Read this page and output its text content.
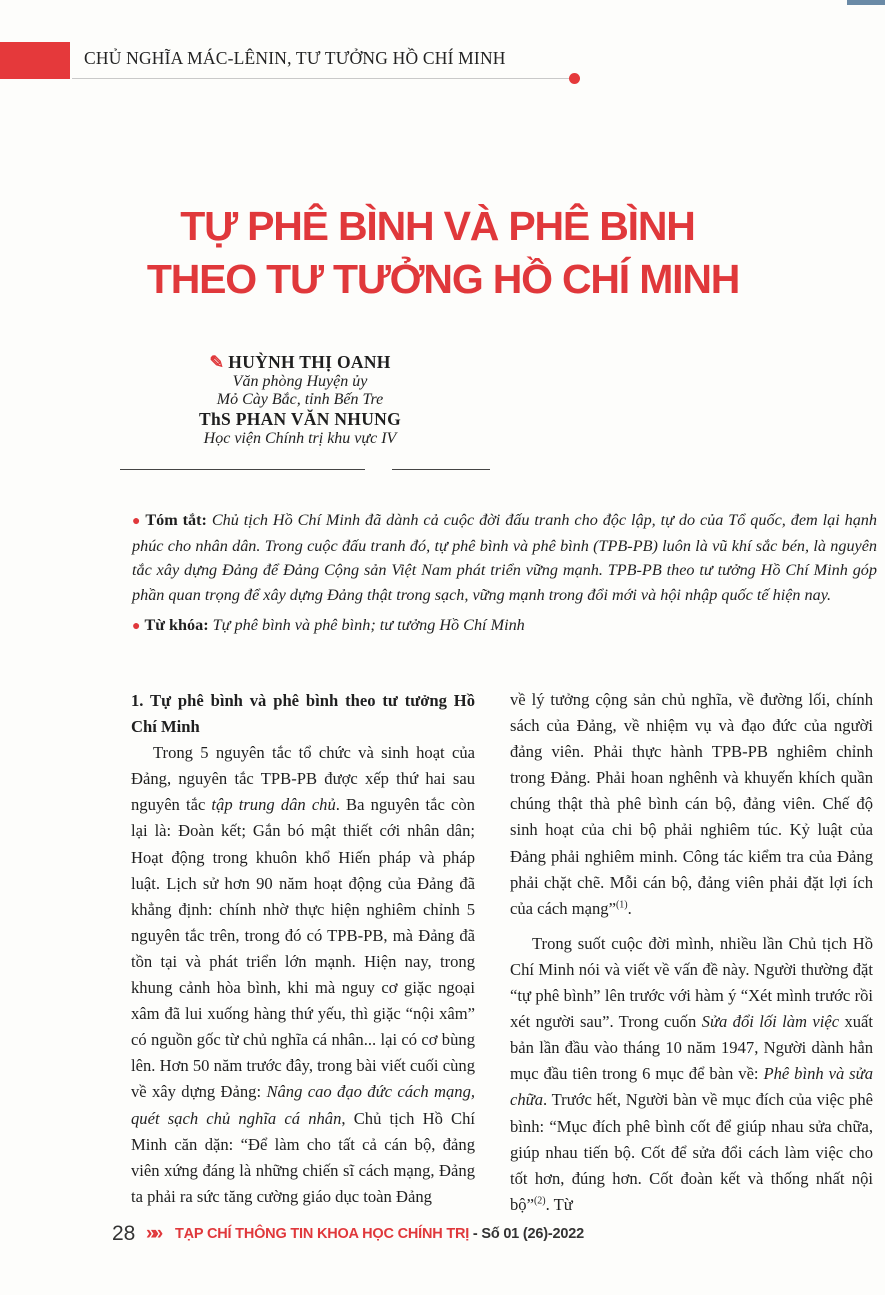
CHỦ NGHĨA MÁC-LÊNIN, TƯ TƯỞNG HỒ CHÍ MINH
TỰ PHÊ BÌNH VÀ PHÊ BÌNH
THEO TƯ TƯỞNG HỒ CHÍ MINH
✎ HUỲNH THỊ OANH
Văn phòng Huyện ủy
Mỏ Cày Bắc, tỉnh Bến Tre
ThS PHAN VĂN NHUNG
Học viện Chính trị khu vực IV

● Tóm tắt: Chủ tịch Hồ Chí Minh đã dành cả cuộc đời đấu tranh cho độc lập, tự do của Tổ quốc, đem lại hạnh phúc cho nhân dân. Trong cuộc đấu tranh đó, tự phê bình và phê bình (TPB-PB) luôn là vũ khí sắc bén, là nguyên tắc xây dựng Đảng để Đảng Cộng sản Việt Nam phát triển vững mạnh. TPB-PB theo tư tưởng Hồ Chí Minh góp phần quan trọng để xây dựng Đảng thật trong sạch, vững mạnh trong đổi mới và hội nhập quốc tế hiện nay.

● Từ khóa: Tự phê bình và phê bình; tư tưởng Hồ Chí Minh

1. Tự phê bình và phê bình theo tư tưởng Hồ Chí Minh

Trong 5 nguyên tắc tổ chức và sinh hoạt của Đảng, nguyên tắc TPB-PB được xếp thứ hai sau nguyên tắc tập trung dân chủ. Ba nguyên tắc còn lại là: Đoàn kết; Gắn bó mật thiết cới nhân dân; Hoạt động trong khuôn khổ Hiến pháp và pháp luật. Lịch sử hơn 90 năm hoạt động của Đảng đã khẳng định: chính nhờ thực hiện nghiêm chỉnh 5 nguyên tắc trên, trong đó có TPB-PB, mà Đảng đã tồn tại và phát triển lớn mạnh. Hiện nay, trong khung cảnh hòa bình, khi mà nguy cơ giặc ngoại xâm đã lui xuống hàng thứ yếu, thì giặc “nội xâm” có nguồn gốc từ chủ nghĩa cá nhân... lại có cơ bùng lên. Hơn 50 năm trước đây, trong bài viết cuối cùng về xây dựng Đảng: Nâng cao đạo đức cách mạng, quét sạch chủ nghĩa cá nhân, Chủ tịch Hồ Chí Minh căn dặn: “Để làm cho tất cả cán bộ, đảng viên xứng đáng là những chiến sĩ cách mạng, Đảng ta phải ra sức tăng cường giáo dục toàn Đảng

về lý tưởng cộng sản chủ nghĩa, về đường lối, chính sách của Đảng, về nhiệm vụ và đạo đức của người đảng viên. Phải thực hành TPB-PB nghiêm chỉnh trong Đảng. Phải hoan nghênh và khuyến khích quần chúng thật thà phê bình cán bộ, đảng viên. Chế độ sinh hoạt của chi bộ phải nghiêm túc. Kỷ luật của Đảng phải nghiêm minh. Công tác kiểm tra của Đảng phải chặt chẽ. Mỗi cán bộ, đảng viên phải đặt lợi ích của cách mạng”$^{(1)}$.

Trong suốt cuộc đời mình, nhiều lần Chủ tịch Hồ Chí Minh nói và viết về vấn đề này. Người thường đặt “tự phê bình” lên trước với hàm ý “Xét mình trước rồi xét người sau”. Trong cuốn Sửa đổi lối làm việc xuất bản lần đầu vào tháng 10 năm 1947, Người dành hẳn mục đầu tiên trong 6 mục để bàn về: Phê bình và sửa chữa. Trước hết, Người bàn về mục đích của việc phê bình: “Mục đích phê bình cốt để giúp nhau sửa chữa, giúp nhau tiến bộ. Cốt để sửa đổi cách làm việc cho tốt hơn, đúng hơn. Cốt đoàn kết và thống nhất nội bộ”$^{(2)}$. Từ

28 »» TẠP CHÍ THÔNG TIN KHOA HỌC CHÍNH TRỊ - Số 01 (26)-2022
